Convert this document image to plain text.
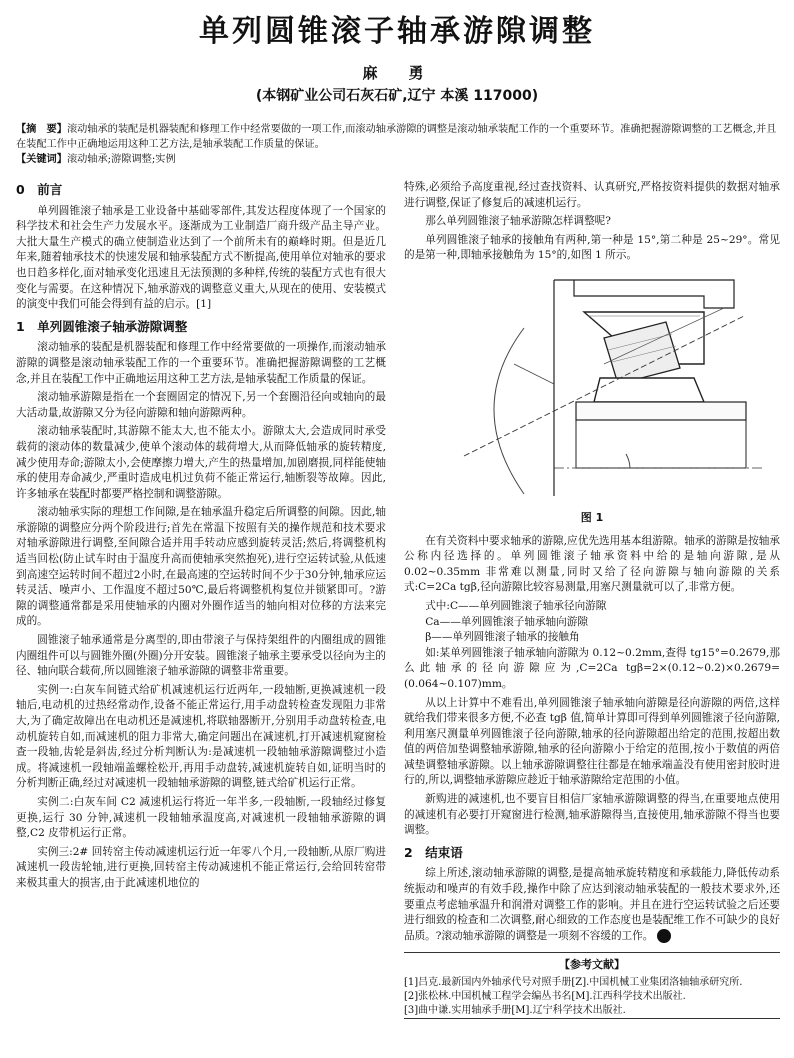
单列圆锥滚子轴承游隙调整
麻　勇
(本钢矿业公司石灰石矿,辽宁 本溪 117000)
【摘　要】滚动轴承的装配是机器装配和修理工作中经常要做的一项工作,而滚动轴承游隙的调整是滚动轴承装配工作的一个重要环节。准确把握游隙调整的工艺概念,并且在装配工作中正确地运用这种工艺方法,是轴承装配工作质量的保证。
【关键词】滚动轴承;游隙调整;实例
0　前言

单列圆锥滚子轴承是工业设备中基础零部件,其发达程度体现了一个国家的科学技术和社会生产力发展水平。逐渐成为工业制造厂商升级产品主导产业。大批大量生产模式的确立使制造业达到了一个前所未有的巅峰时期。但是近几年来,随着轴承技术的快速发展和轴承装配方式不断提高,使用单位对轴承的要求也日趋多样化,面对轴承变化迅速且无法预测的多种样,传统的装配方式也有很大变化与需要。在这种情况下,轴承游戏的调整意义重大,从现在的使用、安装模式的演变中我们可能会得到有益的启示。[1]

1　单列圆锥滚子轴承游隙调整

滚动轴承的装配是机器装配和修理工作中经常要做的一项操作,而滚动轴承游隙的调整是滚动轴承装配工作的一个重要环节。准确把握游隙调整的工艺概念,并且在装配工作中正确地运用这种工艺方法,是轴承装配工作质量的保证。

滚动轴承游隙是指在一个套圈固定的情况下,另一个套圈沿径向或轴向的最大活动量,故游隙又分为径向游隙和轴向游隙两种。

滚动轴承装配时,其游隙不能太大,也不能太小。游隙太大,会造成同时承受载荷的滚动体的数量减少,使单个滚动体的载荷增大,从而降低轴承的旋转精度,减少使用寿命;游隙太小,会使摩擦力增大,产生的热量增加,加剧磨损,同样能使轴承的使用寿命减少,严重时造成电机过负荷不能正常运行,轴断裂等故障。因此,许多轴承在装配时都要严格控制和调整游隙。

滚动轴承实际的理想工作间隙,是在轴承温升稳定后所调整的间隙。因此,轴承游隙的调整应分两个阶段进行;首先在常温下按照有关的操作规范和技术要求对轴承游隙进行调整,至间隙合适并用手转动应感到旋转灵活;然后,将调整机构适当回松(防止试车时由于温度升高而使轴承突然抱死),进行空运转试验,从低速到高速空运转时间不超过2小时,在最高速的空运转时间不少于30分钟,轴承应运转灵活、噪声小、工作温度不超过50℃,最后将调整机构复位并锁紧即可。?游隙的调整通常都是采用使轴承的内圈对外圈作适当的轴向相对位移的方法来完成的。

圆锥滚子轴承通常是分离型的,即由带滚子与保持架组件的内圈组成的圆锥内圈组件可以与圆锥外圈(外圈)分开安装。圆锥滚子轴承主要承受以径向为主的径、轴向联合载荷,所以圆锥滚子轴承游隙的调整非常重要。

实例一:白灰车间链式给矿机减速机运行近两年,一段轴断,更换减速机一段轴后,电动机的过热经常动作,设备不能正常运行,用手动盘转检查发现阻力非常大,为了确定故障出在电动机还是减速机,将联轴器断开,分别用手动盘转检查,电动机旋转自如,而减速机的阻力非常大,确定问题出在减速机,打开减速机窥窗检查一段轴,齿轮是斜齿,经过分析判断认为:是减速机一段轴轴承游隙调整过小造成。将减速机一段轴端盖螺栓松开,再用手动盘转,减速机旋转自如,证明当时的分析判断正确,经过对减速机一段轴轴承游隙的调整,链式给矿机运行正常。

实例二:白灰车间 C2 减速机运行将近一年半多,一段轴断,一段轴经过修复更换,运行 30 分钟,减速机一段轴轴承温度高,对减速机一段轴轴承游隙的调整,C2 皮带机运行正常。

实例三:2# 回转窑主传动减速机运行近一年零八个月,一段轴断,从原厂购进减速机一段齿轮轴,进行更换,回转窑主传动减速机不能正常运行,会给回转窑带来极其重大的损害,由于此减速机地位的

特殊,必须给予高度重视,经过查找资料、认真研究,严格按资料提供的数据对轴承进行调整,保证了修复后的减速机运行。

那么单列圆锥滚子轴承游隙怎样调整呢?

单列圆锥滚子轴承的接触角有两种,第一种是 15°,第二种是 25~29°。常见的是第一种,即轴承接触角为 15°的,如图 1 所示。

图 1

在有关资料中要求轴承的游隙,应优先选用基本组游隙。轴承的游隙是按轴承公称内径选择的。单列圆锥滚子轴承资料中给的是轴向游隙,是从 0.02~0.35mm 非常难以测量,同时又给了径向游隙与轴向游隙的关系式:C=2Ca tgβ,径向游隙比较容易测量,用塞尺测量就可以了,非常方便。

式中:C——单列圆锥滚子轴承径向游隙

Ca——单列圆锥滚子轴承轴向游隙

β——单列圆锥滚子轴承的接触角

如:某单列圆锥滚子轴承轴向游隙为 0.12~0.2mm,查得 tg15°=0.2679,那么此轴承的径向游隙应为,C=2Ca tgβ=2×(0.12~0.2)×0.2679=(0.064~0.107)mm。

从以上计算中不难看出,单列圆锥滚子轴承轴向游隙是径向游隙的两倍,这样就给我们带来很多方便,不必查 tgβ 值,简单计算即可得到单列圆锥滚子径向游隙,利用塞尺测量单列圆锥滚子径向游隙,轴承的径向游隙超出给定的范围,按超出数值的两倍加垫调整轴承游隙,轴承的径向游隙小于给定的范围,按小于数值的两倍减垫调整轴承游隙。以上轴承游隙调整往往都是在轴承端盖没有使用密封胶时进行的,所以,调整轴承游隙应趁近于轴承游隙给定范围的小值。

新购进的减速机,也不要盲目相信厂家轴承游隙调整的得当,在重要地点使用的减速机有必要打开窥窗进行检测,轴承游隙得当,直接使用,轴承游隙不得当也要调整。

2　结束语

综上所述,滚动轴承游隙的调整,是提高轴承旋转精度和承载能力,降低传动系统振动和噪声的有效手段,操作中除了应达到滚动轴承装配的一般技术要求外,还要重点考虑轴承温升和润滑对调整工作的影响。并且在进行空运转试验之后还要进行细致的检查和二次调整,耐心细致的工作态度也是装配维工作不可缺少的良好品质。?滚动轴承游隙的调整是一项刻不容缓的工作。 C

【参考文献】

[1]吕克.最新国内外轴承代号对照手册[Z].中国机械工业集团洛轴轴承研究所.

[2]张松林.中国机械工程学会编丛书名[M].江西科学技术出版社.

[3]曲中谦.实用轴承手册[M].辽宁科学技术出版社.
